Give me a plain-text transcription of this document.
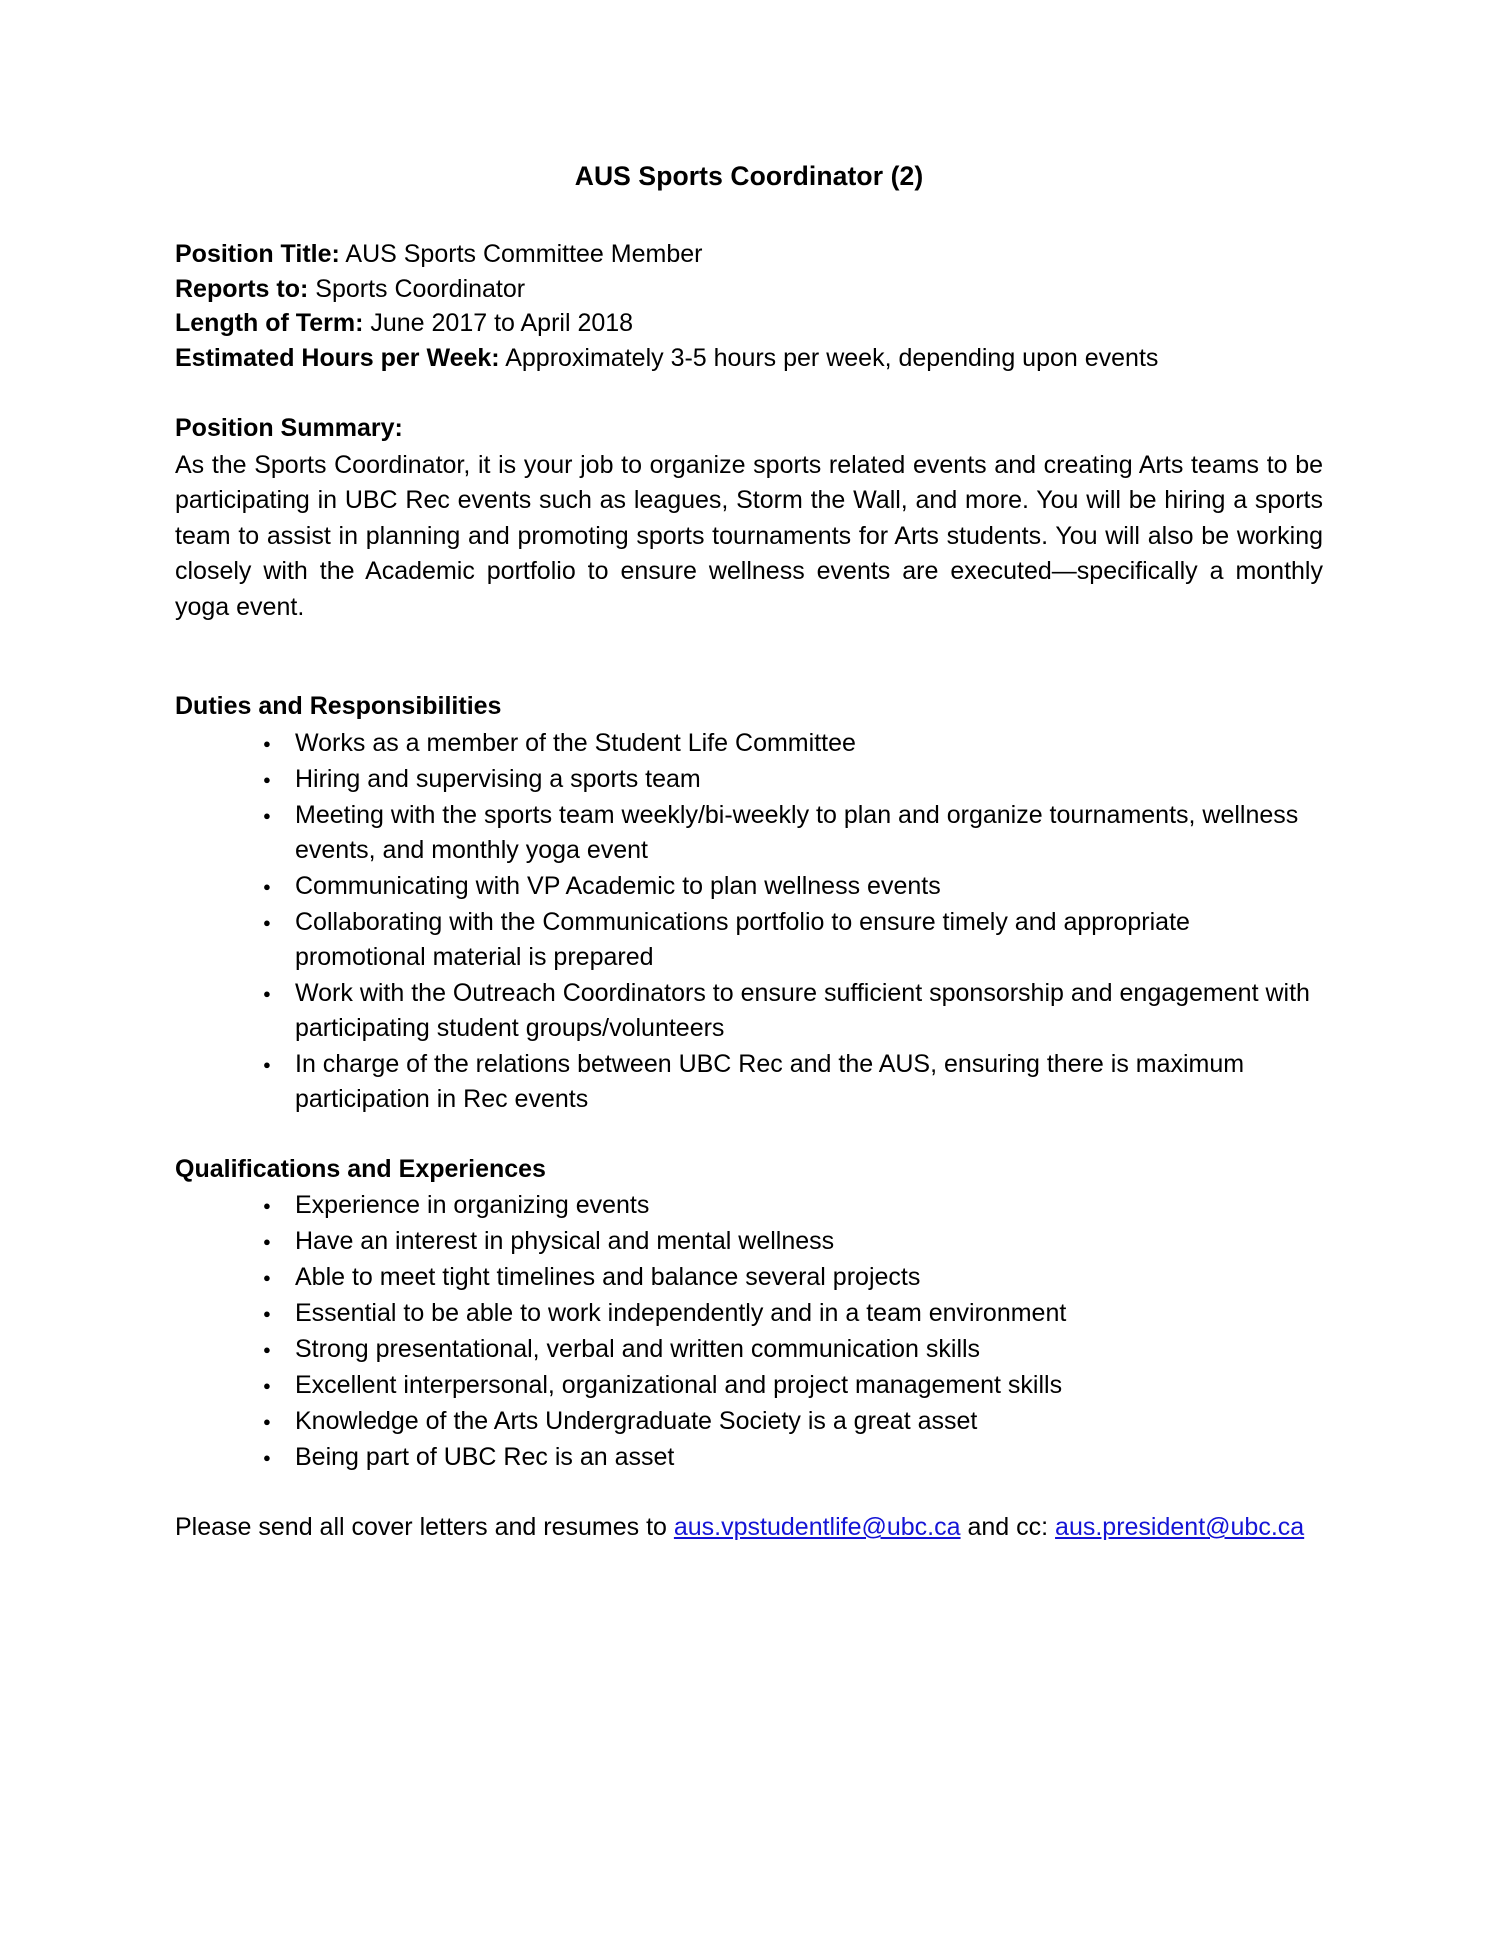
AUS Sports Coordinator (2)

Position Title: AUS Sports Committee Member

Reports to: Sports Coordinator

Length of Term: June 2017 to April 2018

Estimated Hours per Week: Approximately 3-5 hours per week, depending upon events

Position Summary:

As the Sports Coordinator, it is your job to organize sports related events and creating Arts teams to be participating in UBC Rec events such as leagues, Storm the Wall, and more. You will be hiring a sports team to assist in planning and promoting sports tournaments for Arts students. You will also be working closely with the Academic portfolio to ensure wellness events are executed—specifically a monthly yoga event.

Duties and Responsibilities
● Works as a member of the Student Life Committee
● Hiring and supervising a sports team
● Meeting with the sports team weekly/bi-weekly to plan and organize tournaments, wellness events, and monthly yoga event
● Communicating with VP Academic to plan wellness events
● Collaborating with the Communications portfolio to ensure timely and appropriate promotional material is prepared
● Work with the Outreach Coordinators to ensure sufficient sponsorship and engagement with participating student groups/volunteers
● In charge of the relations between UBC Rec and the AUS, ensuring there is maximum participation in Rec events
Qualifications and Experiences
● Experience in organizing events
● Have an interest in physical and mental wellness
● Able to meet tight timelines and balance several projects
● Essential to be able to work independently and in a team environment
● Strong presentational, verbal and written communication skills
● Excellent interpersonal, organizational and project management skills
● Knowledge of the Arts Undergraduate Society is a great asset
● Being part of UBC Rec is an asset

Please send all cover letters and resumes to aus.vpstudentlife@ubc.ca and cc: aus.president@ubc.ca
